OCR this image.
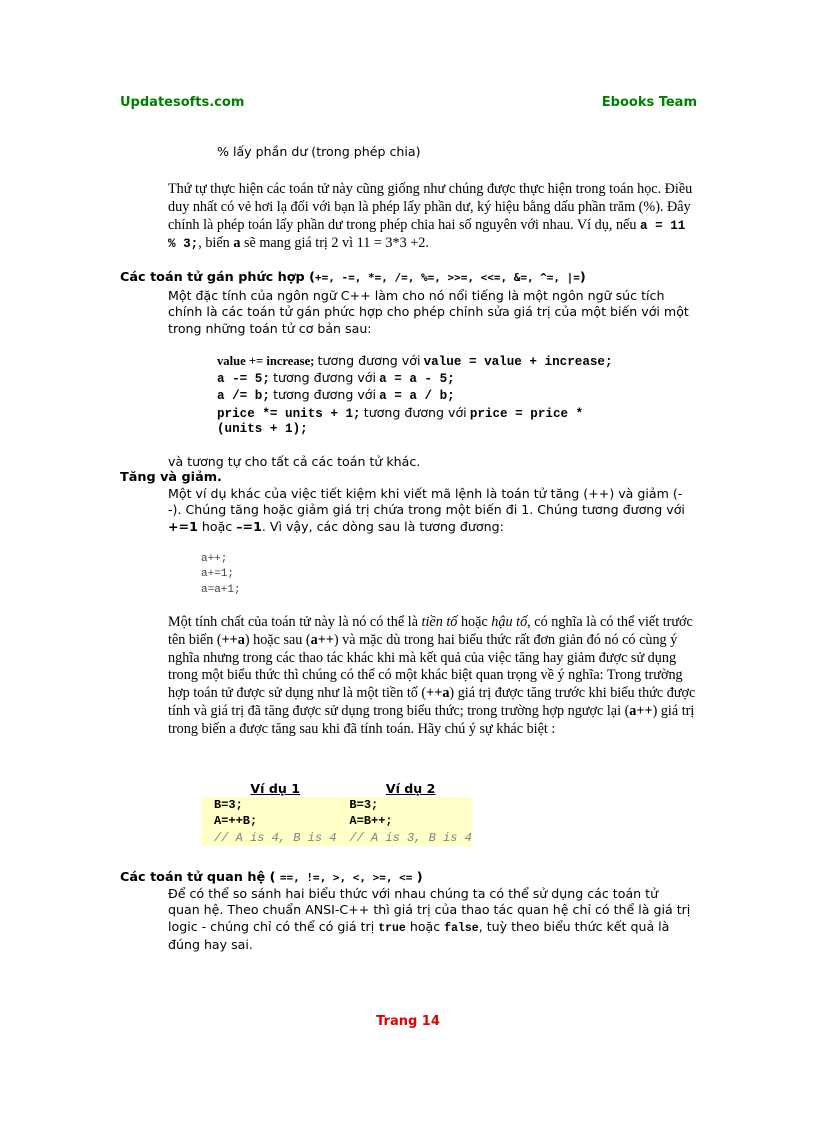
Updatesofts.com	Ebooks Team
% lấy phần dư (trong phép chia)
Thứ tự thực hiện các toán tử này cũng giống như chúng được thực hiện trong toán học. Điều duy nhất có vẻ hơi lạ đối với bạn là phép lấy phần dư, ký hiệu bằng dấu phần trăm (%). Đây chính là phép toán lấy phần dư trong phép chia hai số nguyên với nhau. Ví dụ, nếu a = 11 % 3;, biến a sẽ mang giá trị 2 vì 11 = 3*3 +2.
Các toán tử gán phức hợp (+=, -=, *=, /=, %=, >>=, <<=, &=, ^=, |=)
Một đặc tính của ngôn ngữ C++ làm cho nó nổi tiếng là một ngôn ngữ súc tích chính là các toán tử gán phức hợp cho phép chỉnh sửa giá trị của một biến với một trong những toán tử cơ bản sau:
value += increase; tương đương với value = value + increase;
a -= 5; tương đương với a = a - 5;
a /= b; tương đương với a = a / b;
price *= units + 1; tương đương với price = price *
(units + 1);
và tương tự cho tất cả các toán tử khác.
Tăng và giảm.
Một ví dụ khác của việc tiết kiệm khi viết mã lệnh là toán tử tăng (++) và giảm (--). Chúng tăng hoặc giảm giá trị chứa trong một biến đi 1. Chúng tương đương với +=1 hoặc –=1. Vì vậy, các dòng sau là tương đương:
a++;
a+=1;
a=a+1;
Một tính chất của toán tử này là nó có thể là tiền tố hoặc hậu tố, có nghĩa là có thể viết trước tên biến (++a) hoặc sau (a++) và mặc dù trong hai biểu thức rất đơn giản đó nó có cùng ý nghĩa nhưng trong các thao tác khác khi mà kết quả của việc tăng hay giảm được sử dụng trong một biểu thức thì chúng có thể có một khác biệt quan trọng về ý nghĩa: Trong trường hợp toán tử được sử dụng như là một tiền tố (++a) giá trị được tăng trước khi biểu thức được tính và giá trị đã tăng được sử dụng trong biểu thức; trong trường hợp ngược lại (a++) giá trị trong biến a được tăng sau khi đã tính toán. Hãy chú ý sự khác biệt :
Ví dụ 1	Ví dụ 2
B=3;	B=3;
A=++B;	A=B++;
// A is 4, B is 4	// A is 3, B is 4
Các toán tử quan hệ ( ==, !=, >, <, >=, <= )
Để có thể so sánh hai biểu thức với nhau chúng ta có thể sử dụng các toán tử quan hệ. Theo chuẩn ANSI-C++ thì giá trị của thao tác quan hệ chỉ có thể là giá trị logic - chúng chỉ có thể có giá trị true hoặc false, tuỳ theo biểu thức kết quả là đúng hay sai.
Trang 14
